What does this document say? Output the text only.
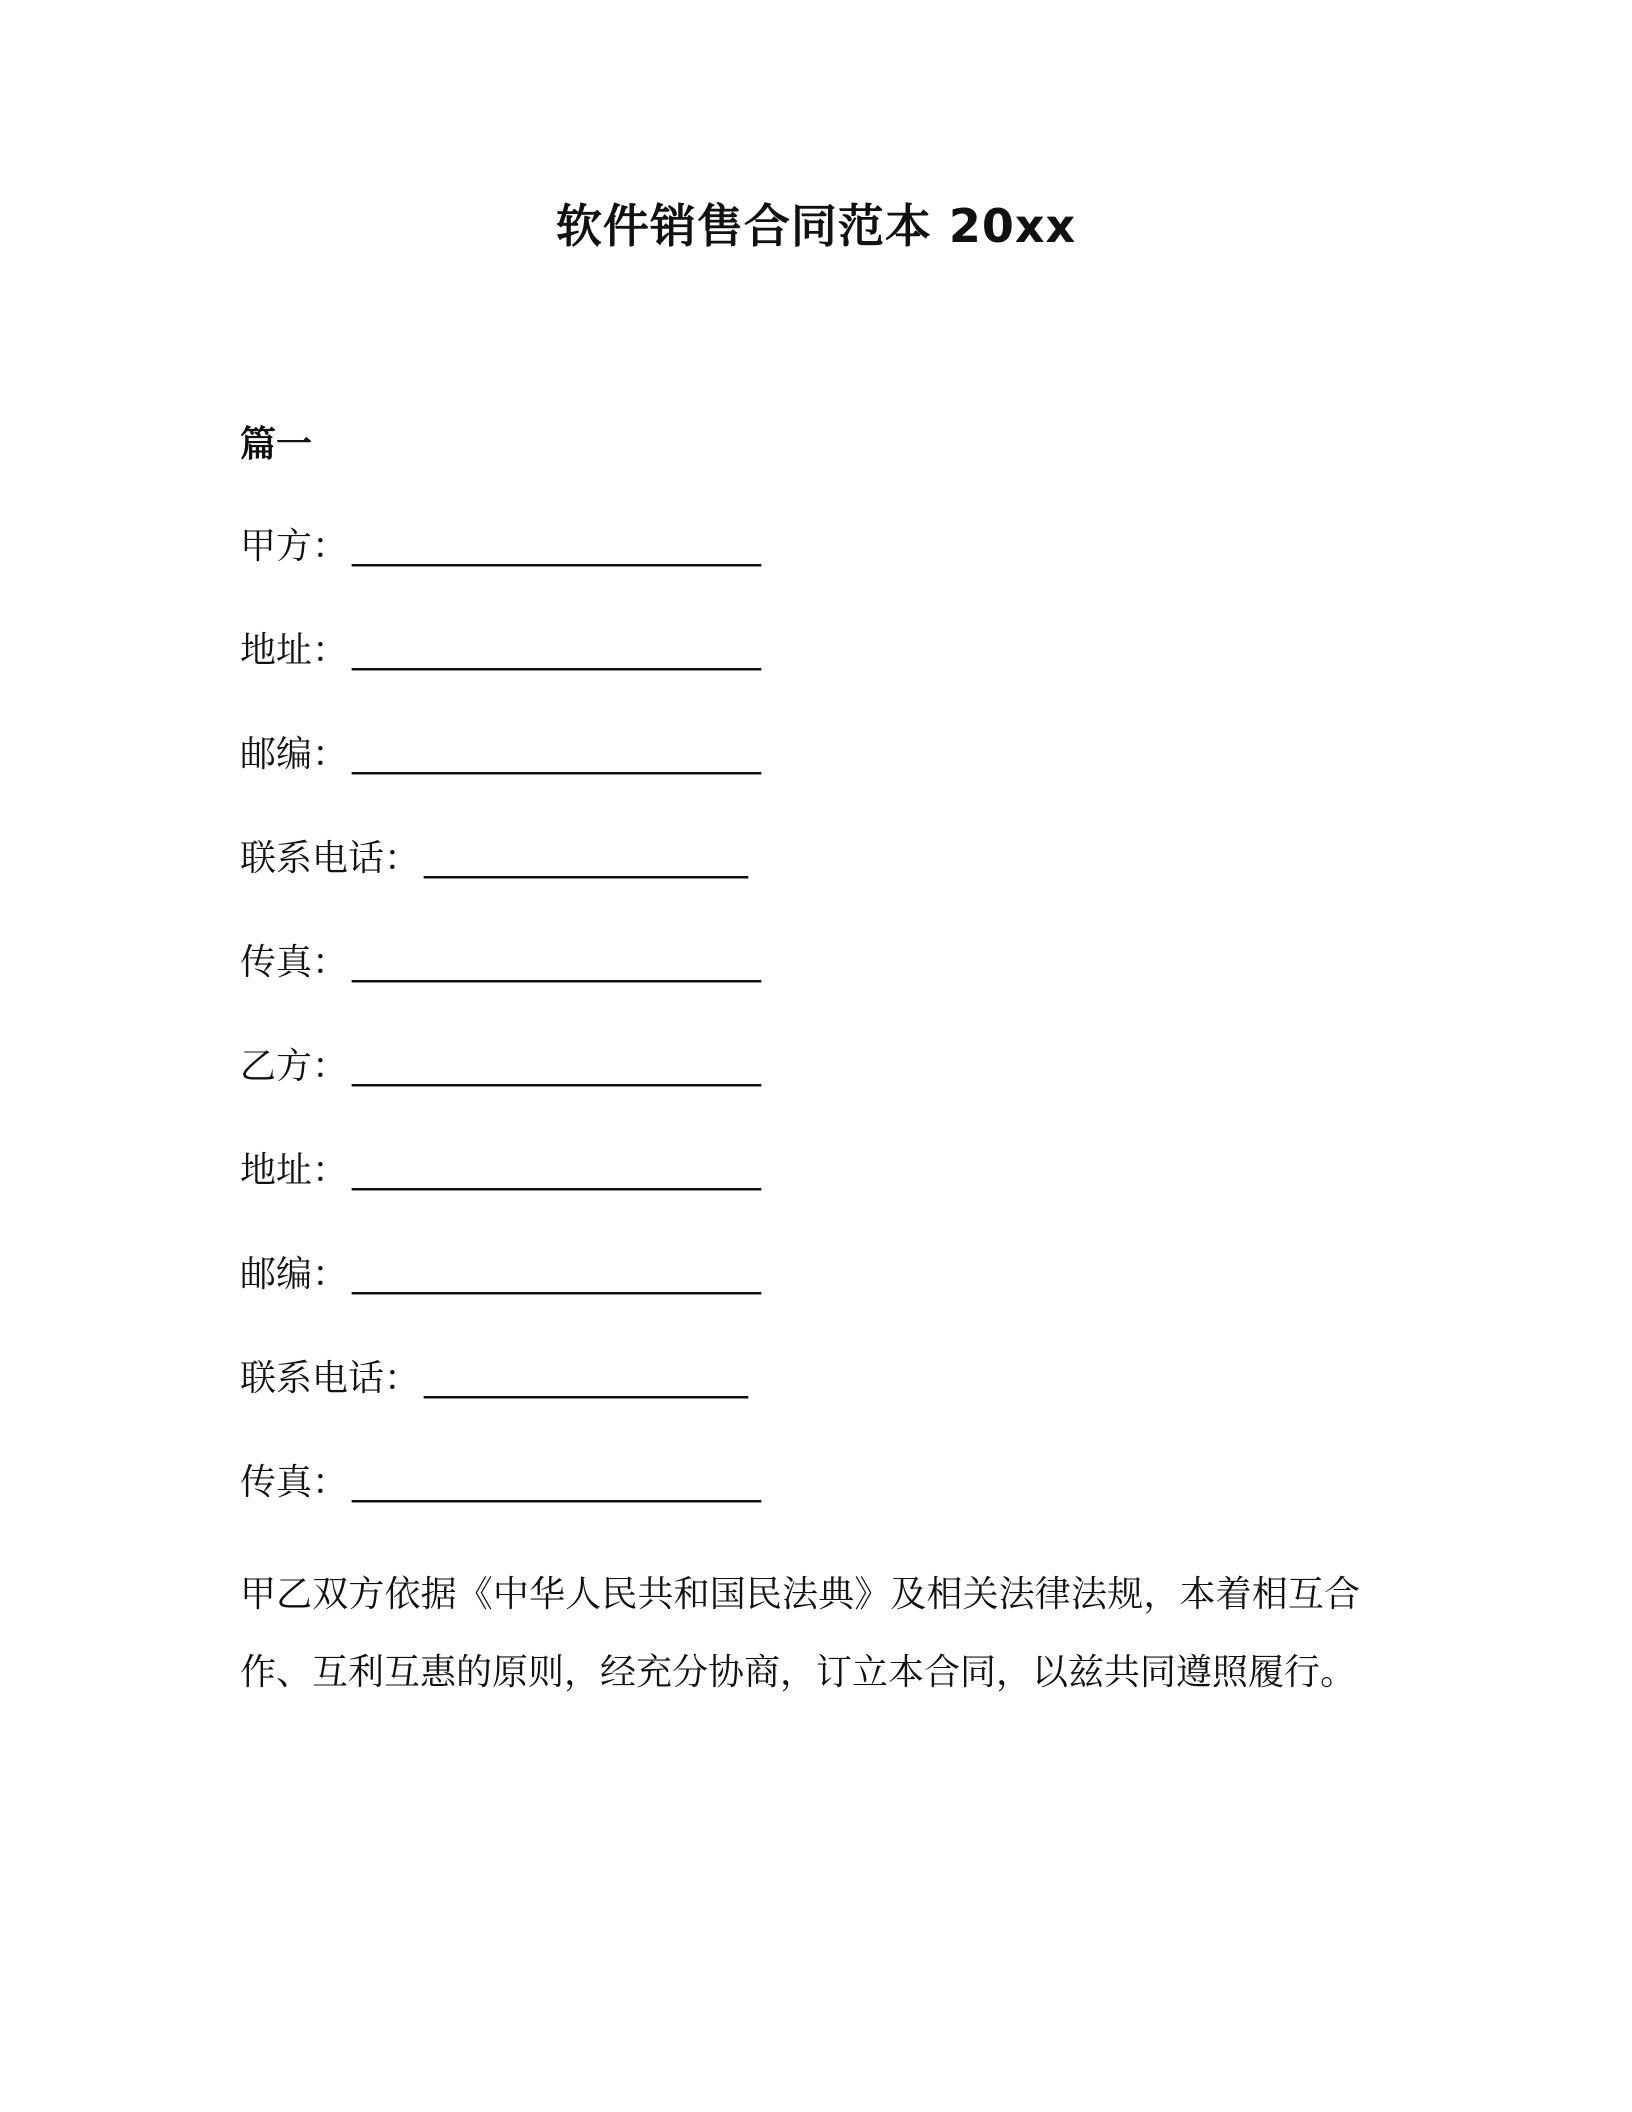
软件销售合同范本 20xx
篇一
甲方： ________________________
地址： ________________________
邮编： ________________________
联系电话： ___________________
传真： ________________________
乙方： ________________________
地址： ________________________
邮编： ________________________
联系电话： ___________________
传真： ________________________

甲乙双方依据《中华人民共和国民法典》及相关法律法规，本着相互合作、互利互惠的原则，经充分协商，订立本合同，以兹共同遵照履行。
